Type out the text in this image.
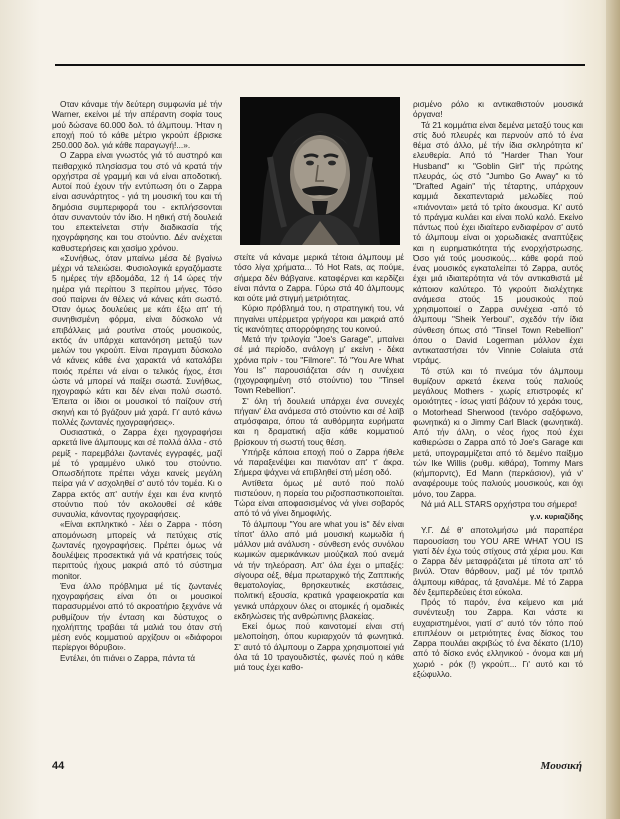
Οταν κάναμε τήν δεύτερη συμφωνία μέ τήν Warner, εκείνοι μέ τήν απέραντη σοφία τους μού δώσανε 60.000 δολ. τό άλμπουμ. Ήταν η εποχή πού τό κάθε μέτριο γκρούπ έβρισκε 250.000 δολ. γιά κάθε παραγωγή!...».

Ο Zappa είναι γνωστός γιά τό αυστηρό και πειθαρχικό πλησίασμα του στό νά κρατά τήν ορχήστρα σέ γραμμή και νά είναι αποδοτική. Αυτοί πού έχουν τήν εντύπωση ότι ο Zappa είναι ασυνάρτητος - γιά τη μουσική του και τή δημόσια συμπεριφορά του - εκπλήσσονται όταν συναντούν τόν ίδιο. Η ηθική στή δουλειά του επεκτείνεται στήν διαδικασία τής ηχογράφησης και του στούντιο. Δέν ανέχεται καθυστερήσεις και χασίμο χρόνου.

«Συνήθως, όταν μπαίνω μέσα δέ βγαίνω μέχρι νά τελειώσει. Φυσιολογικά εργαζόμαστε 5 ημέρες τήν εβδομάδα, 12 ή 14 ώρες τήν ημέρα γιά περίπου 3 περίπου μήνες. Τόσο σού παίρνει άν θέλεις νά κάνεις κάτι σωστό. Όταν όμως δουλεύεις με κάτι έξω απ' τή συνηθισμένη φόρμα, είναι δύσκολο νά επιβάλλεις μιά ρουτίνα στούς μουσικούς, εκτός άν υπάρχει κατανόηση μεταξύ των μελών του γκρούπ. Είναι πραγματι δύσκολο νά κάνεις κάθε ένα χαρακτά νά καταλάβει ποιός πρέπει νά είναι ο τελικός ήχος, έτσι ώστε νά μπορεί νά παίξει σωστά. Συνήθως, ηχογραφώ κάτι και δέν είναι πολύ σωστό. Έπειτα οι ίδιοι οι μουσικοί τό παίζουν στή σκηνή και τό βγάζουν μιά χαρά. Γι' αυτό κάνω πολλές ζωντανές ηχογραφήσεις».

Ουσιαστικά, ο Zappa έχει ηχογραφήσει αρκετά live άλμπουμς και σέ πολλά άλλα - στό ρεμίξ - παρεμβάλει ζωντανές εγγραφές, μαζί μέ τό γραμμένο υλικό του στούντιο. Οπωσδήποτε πρέπει νάχει κανείς μεγάλη πείρα γιά ν' ασχοληθεί σ' αυτό τόν τομέα. Κι ο Zappa εκτός απ' αυτήν έχει και ένα κινητό στούντιο πού τόν ακολουθεί σέ κάθε συναυλία, κάνοντας ηχογραφήσεις.

«Είναι εκπληκτικό - λέει ο Zappa - πόση απομόνωση μπορείς νά πετύχεις στίς ζωντανές ηχογραφήσεις. Πρέπει όμως νά δουλέψεις προσεκτικά γιά νά κρατήσεις τούς περιττούς ήχους μακριά από τό σύστημα monitor.

Ένα άλλο πρόβλημα μέ τίς ζωντανές ηχογραφήσεις είναι ότι οι μουσικοί παρασυρμένοι από τό ακροατήριο ξεχνάνε νά ρυθμίζουν τήν ένταση και δύστυχος ο ηχολήπτης τραβάει τά μαλιά του όταν στή μέση ενός κομματιού αρχίζουν οι «διάφοροι περίεργοι θόρυβοι».

Εντέλει, ότι πιάνει ο Zappa, πάντα τά

στείτε νά κάναμε μερικά τέτοια άλμπουμ μέ τόσο λίγα χρήματα... Τό Hot Rats, ας πούμε, σήμερα δέν θάβγαινε. καταφέρνει και κερδίζει είναι πάντα ο Zappa. Γύρω στά 40 άλμπουμς και ούτε μιά στιγμή μετριότητας.

Κύριο πρόβλημά του, η στρατηγική του, νά πηγαίνει υπέρμετρα γρήγορα και μακριά από τίς ικανότητες απορρόφησης του κοινού.

Μετά τήν τριλογία "Joe's Garage", μπαίνει σέ μιά περίοδο, ανάλογη μ' εκείνη - δέκα χρόνια πρίν - του "Filmore". Τό "You Are What You Is" παρουσιάζεται σάν η συνέχεια (ηχογραφημένη στό στούντιο) του "Tinsel Town Rebellion".

Σ' όλη τή δουλειά υπάρχει ένα συνεχές πήγαιν' έλα ανάμεσα στό στούντιο και σέ λαϊβ ατμόσφαιρα, όπου τά αυθόρμητα ευρήματα και η δραματική αξία κάθε κομματιού βρίσκουν τή σωστή τους θέση.

Υπήρξε κάποια εποχή πού ο Zappa ήθελε νά παραξενέψει και πιανόταν απ' τ' άκρα. Σήμερα ψάχνει νά επιβληθεί στή μέση οδό.

Αντίθετα όμως μέ αυτό πού πολύ πιστεύουν, η πορεία του ριζοσπαστικοποιείται. Τώρα είναι αποφασισμένος νά γίνει σοβαρός από τό νά γίνει δημοφιλής.

Τό άλμπουμ "You are what you is" δέν είναι τίποτ' άλλο από μιά μουσική κωμωδία ή μάλλον μιά ανάλυση - σύνθεση ενός συνόλου κωμικών αμερικάνικων μιούζικαλ πού ανεμά νά τήν τηλεόραση. Απ' όλα έχει ο μπαξές: σίγουρα οέξ, θέμα πρωταρχικό τής Ζαππικής θεματολογίας, θρησκευτικές εκστάσεις, πολιτική εξουσία, κρατικά γραφειοκρατία και γενικά υπάρχουν όλες οι ατομικές ή ομαδικές εκδηλώσεις τής ανθρώπινης βλακείας.

Εκεί όμως πού καινοτομεί είναι στή μελοποίηση, όπου κυριαρχούν τά φωνητικά. Σ' αυτό τό άλμπουμ ο Zappa χρησιμοποιεί γιά όλα τά 10 τραγουδιστές, φωνές πού η κάθε μιά τους έχει καθο-

ρισμένο ρόλο κι αντικαθιστούν μουσικά όργανα!

Τά 21 κομμάτια είναι δεμένα μεταξύ τους και στίς δυό πλευρές και περνούν από τό ένα θέμα στό άλλο, μέ τήν ίδια σκληρότητα κι' ελευθερία. Από τό "Harder Than Your Husband" κι "Goblin Girl" τής πρώτης πλευράς, ώς στό "Jumbo Go Away" κι τό "Drafted Again" τής τέταρτης, υπάρχουν καμμιά δεκαπενταριά μελωδίες πού «πιάνονται» μετά τό τρίτο άκουσμα. Κι' αυτό τό πράγμα κυλάει και είναι πολύ καλό. Εκείνο πάντως πού έχει ιδιαίτερο ενδιαφέρον σ' αυτό τό άλμπουμ είναι οι χορωδιακές αναπτύξεις και η ευρηματικότητα τής ενορχήστρωσης. Όσο γιά τούς μουσικούς... κάθε φορά πού ένας μουσικός εγκαταλείπει τό Zappa, αυτός έχει μιά ιδιαιτερότητα νά τόν αντικαθιστά μέ κάποιον καλύτερο. Τό γκρούπ διαλέχτηκε ανάμεσα στούς 15 μουσικούς πού χρησιμοποιεί ο Zappa συνέχεια -από τό άλμπουμ "Sheik Yerboui", σχεδόν τήν ίδια σύνθεση όπως στό "Tinsel Town Rebellion" όπου ο David Logerman μάλλον έχει αντικαταστήσει τόν Vinnie Colaiuta στά ντράμς.

Τό στύλ και τό πνεύμα τόν άλμπουμ θυμίζουν αρκετά έκεινα τούς παλιούς μεγάλους Mothers - χωρίς επιστροφές κι' ομοιότητες - ίσως γιατί βάζουν τό χεράκι τους, ο Motorhead Sherwood (τενόρο σαξόφωνο, φωνητικά) κι ο Jimmy Carl Black (φωνητικά). Από τήν άλλη, ο νέος ήχος πού έχει καθιερώσει ο Zappa από τό Joe's Garage και μετά, υπογραμμίζεται από τό δεμένο παίξιμο τών Ike Willis (ρυθμ. κιθάρα), Tommy Mars (κήμπορντς), Ed Mann (περκάσιον), γιά ν' αναφέρουμε τούς παλιούς μουσικούς, και όχι μόνο, του Zappa.

Νά μιά ALL STARS ορχήστρα του σήμερα!

γ.ν. κυριαζίδης

Υ.Γ. Δέ θ' αποτολμήσω μιά παραπέρα παρουσίαση του YOU ARE WHAT YOU IS γιατί δέν έχω τούς στίχους στά χέρια μου. Και ο Zappa δέν μεταφράζεται μέ τίποτα απ' τό βινύλ. Όταν θάρθουν, μαζί μέ τόν τριπλό άλμπουμ κιθάρας, τά ξαναλέμε. Μέ τό Zappa δέν ξεμπερδεύεις έτσι εύκολα.

Πρός τό παρόν, ένα κείμενο και μιά συνέντευξη του Zappa. Και νάστε κι ευχαριστημένοι, γιατί σ' αυτό τόν τόπο πού επιπλέουν οι μετριότητες ένας δίσκος του Zappa πουλάει ακριβώς τό ένα δέκατο (1/10) από τό δίσκο ενός ελληνικού - όνομα και μή χωριό - ρόκ (!) γκρούπ... Γι' αυτό και τό εξώφυλλο.

44	Μουσική
